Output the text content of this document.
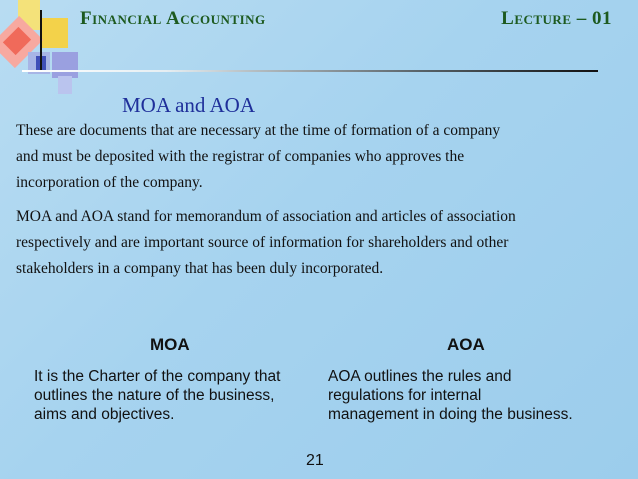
Financial Accounting	Lecture – 01
MOA and AOA

These are documents that are necessary at the time of formation of a company and must be deposited with the registrar of companies who approves the incorporation of the company.

MOA and AOA stand for memorandum of association and articles of association respectively and are important source of information for shareholders and other stakeholders in a company that has been duly incorporated.

MOA	AOA
It is the Charter of the company that
outlines the nature of the business,
aims and objectives.
AOA outlines the rules and
regulations for internal
management in doing the business.
21
